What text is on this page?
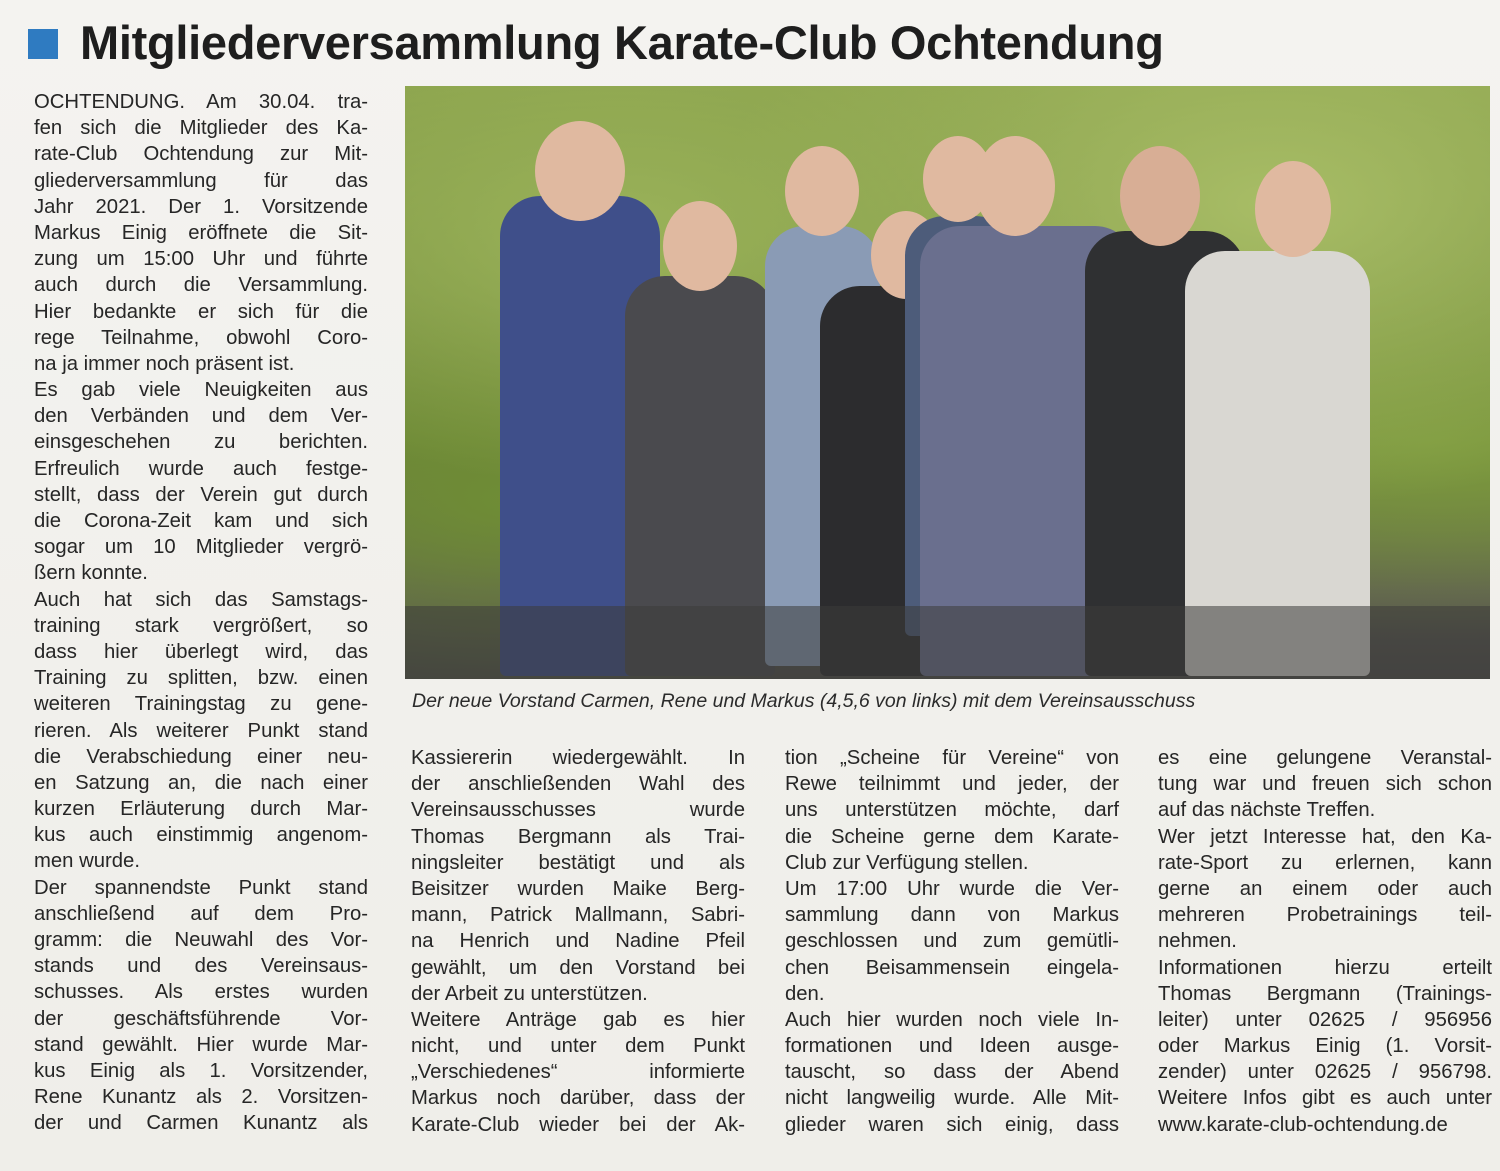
Mitgliederversammlung Karate-Club Ochtendung
Der neue Vorstand Carmen, Rene und Markus (4,5,6 von links) mit dem Vereinsausschuss
OCHTENDUNG. Am 30.04. tra-
fen sich die Mitglieder des Ka-
rate-Club Ochtendung zur Mit-
gliederversammlung für das
Jahr 2021. Der 1. Vorsitzende
Markus Einig eröffnete die Sit-
zung um 15:00 Uhr und führte
auch durch die Versammlung.
Hier bedankte er sich für die
rege Teilnahme, obwohl Coro-
na ja immer noch präsent ist.
Es gab viele Neuigkeiten aus
den Verbänden und dem Ver-
einsgeschehen zu berichten.
Erfreulich wurde auch festge-
stellt, dass der Verein gut durch
die Corona-Zeit kam und sich
sogar um 10 Mitglieder vergrö-
ßern konnte.
Auch hat sich das Samstags-
training stark vergrößert, so
dass hier überlegt wird, das
Training zu splitten, bzw. einen
weiteren Trainingstag zu gene-
rieren. Als weiterer Punkt stand
die Verabschiedung einer neu-
en Satzung an, die nach einer
kurzen Erläuterung durch Mar-
kus auch einstimmig angenom-
men wurde.
Der spannendste Punkt stand
anschließend auf dem Pro-
gramm: die Neuwahl des Vor-
stands und des Vereinsaus-
schusses. Als erstes wurden
der geschäftsführende Vor-
stand gewählt. Hier wurde Mar-
kus Einig als 1. Vorsitzender,
Rene Kunantz als 2. Vorsitzen-
der und Carmen Kunantz als
Kassiererin wiedergewählt. In
der anschließenden Wahl des
Vereinsausschusses wurde
Thomas Bergmann als Trai-
ningsleiter bestätigt und als
Beisitzer wurden Maike Berg-
mann, Patrick Mallmann, Sabri-
na Henrich und Nadine Pfeil
gewählt, um den Vorstand bei
der Arbeit zu unterstützen.
Weitere Anträge gab es hier
nicht, und unter dem Punkt
„Verschiedenes“ informierte
Markus noch darüber, dass der
Karate-Club wieder bei der Ak-
tion „Scheine für Vereine“ von
Rewe teilnimmt und jeder, der
uns unterstützen möchte, darf
die Scheine gerne dem Karate-
Club zur Verfügung stellen.
Um 17:00 Uhr wurde die Ver-
sammlung dann von Markus
geschlossen und zum gemütli-
chen Beisammensein eingela-
den.
Auch hier wurden noch viele In-
formationen und Ideen ausge-
tauscht, so dass der Abend
nicht langweilig wurde. Alle Mit-
glieder waren sich einig, dass
es eine gelungene Veranstal-
tung war und freuen sich schon
auf das nächste Treffen.
Wer jetzt Interesse hat, den Ka-
rate-Sport zu erlernen, kann
gerne an einem oder auch
mehreren Probetrainings teil-
nehmen.
Informationen hierzu erteilt
Thomas Bergmann (Trainings-
leiter) unter 02625 / 956956
oder Markus Einig (1. Vorsit-
zender) unter 02625 / 956798.
Weitere Infos gibt es auch unter
www.karate-club-ochtendung.de
